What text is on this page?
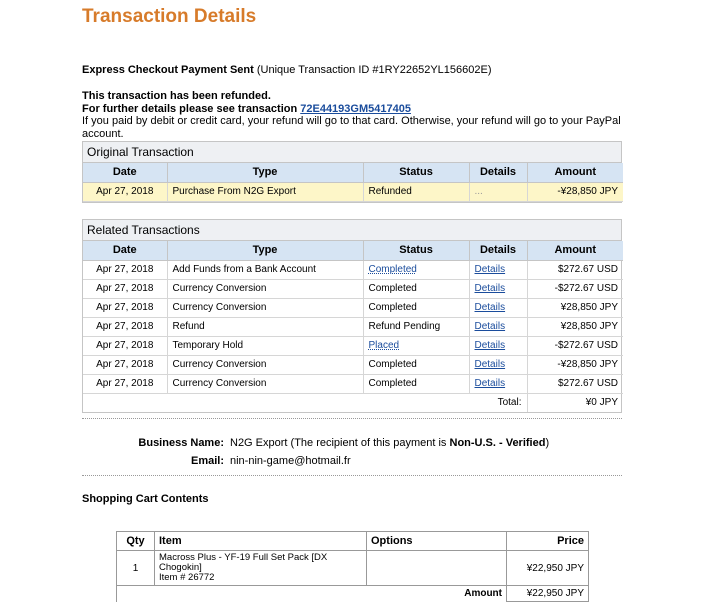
Transaction Details
Express Checkout Payment Sent (Unique Transaction ID #1RY22652YL156602E)
This transaction has been refunded.
For further details please see transaction 72E44193GM5417405
If you paid by debit or credit card, your refund will go to that card. Otherwise, your refund will go to your PayPal account.
Original Transaction
Date	Type	Status	Details	Amount
Apr 27, 2018	Purchase From N2G Export	Refunded	...	-¥28,850 JPY
Related Transactions
Date	Type	Status	Details	Amount
Apr 27, 2018	Add Funds from a Bank Account	Completed	Details	$272.67 USD
Apr 27, 2018	Currency Conversion	Completed	Details	-$272.67 USD
Apr 27, 2018	Currency Conversion	Completed	Details	¥28,850 JPY
Apr 27, 2018	Refund	Refund Pending	Details	¥28,850 JPY
Apr 27, 2018	Temporary Hold	Placed	Details	-$272.67 USD
Apr 27, 2018	Currency Conversion	Completed	Details	-¥28,850 JPY
Apr 27, 2018	Currency Conversion	Completed	Details	$272.67 USD
Total:				¥0 JPY
Business Name: N2G Export (The recipient of this payment is Non-U.S. - Verified)
Email: nin-nin-game@hotmail.fr
Shopping Cart Contents
Qty	Item	Options	Price
1	Macross Plus - YF-19 Full Set Pack [DX
Chogokin]
Item # 26772		¥22,950 JPY
Amount			¥22,950 JPY
